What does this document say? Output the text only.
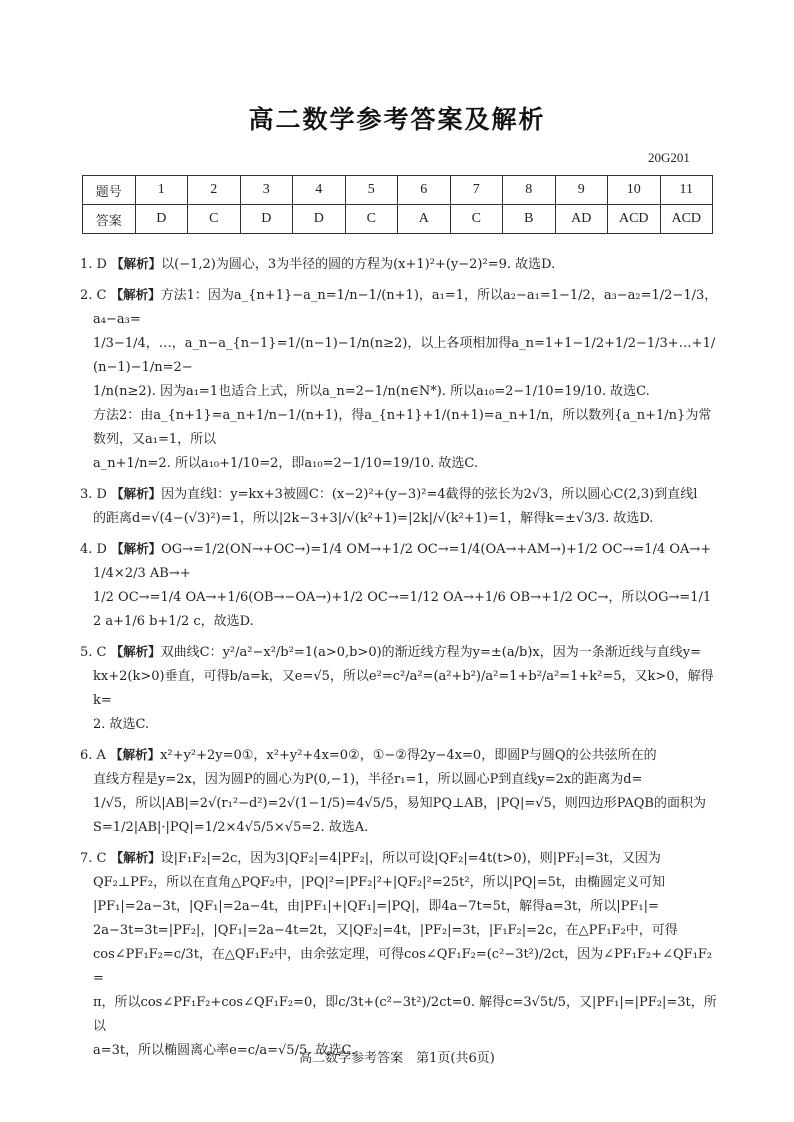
高二数学参考答案及解析
20G201
题号	1	2	3	4	5	6	7	8	9	10	11
答案	D	C	D	D	C	A	C	B	AD	ACD	ACD

1. D 【解析】以(−1,2)为圆心，3为半径的圆的方程为(x+1)²+(y−2)²=9. 故选D.

2. C 【解析】方法1：因为a_{n+1}−a_n=1/n−1/(n+1)，a₁=1，所以a₂−a₁=1−1/2，a₃−a₂=1/2−1/3，a₄−a₃=

1/3−1/4，…，a_n−a_{n−1}=1/(n−1)−1/n(n≥2)，以上各项相加得a_n=1+1−1/2+1/2−1/3+…+1/(n−1)−1/n=2−

1/n(n≥2). 因为a₁=1也适合上式，所以a_n=2−1/n(n∈N*). 所以a₁₀=2−1/10=19/10. 故选C.

方法2：由a_{n+1}=a_n+1/n−1/(n+1)，得a_{n+1}+1/(n+1)=a_n+1/n，所以数列{a_n+1/n}为常数列，又a₁=1，所以

a_n+1/n=2. 所以a₁₀+1/10=2，即a₁₀=2−1/10=19/10. 故选C.

3. D 【解析】因为直线l：y=kx+3被圆C：(x−2)²+(y−3)²=4截得的弦长为2√3，所以圆心C(2,3)到直线l

的距离d=√(4−(√3)²)=1，所以|2k−3+3|/√(k²+1)=|2k|/√(k²+1)=1，解得k=±√3/3. 故选D.

4. D 【解析】OG→=1/2(ON→+OC→)=1/4 OM→+1/2 OC→=1/4(OA→+AM→)+1/2 OC→=1/4 OA→+1/4×2/3 AB→+

1/2 OC→=1/4 OA→+1/6(OB→−OA→)+1/2 OC→=1/12 OA→+1/6 OB→+1/2 OC→，所以OG→=1/12 a+1/6 b+1/2 c，故选D.

5. C 【解析】双曲线C：y²/a²−x²/b²=1(a>0,b>0)的渐近线方程为y=±(a/b)x，因为一条渐近线与直线y=

kx+2(k>0)垂直，可得b/a=k，又e=√5，所以e²=c²/a²=(a²+b²)/a²=1+b²/a²=1+k²=5，又k>0，解得k=

2. 故选C.

6. A 【解析】x²+y²+2y=0①，x²+y²+4x=0②，①−②得2y−4x=0，即圆P与圆Q的公共弦所在的

直线方程是y=2x，因为圆P的圆心为P(0,−1)，半径r₁=1，所以圆心P到直线y=2x的距离为d=

1/√5，所以|AB|=2√(r₁²−d²)=2√(1−1/5)=4√5/5，易知PQ⊥AB，|PQ|=√5，则四边形PAQB的面积为

S=1/2|AB|·|PQ|=1/2×4√5/5×√5=2. 故选A.

7. C 【解析】设|F₁F₂|=2c，因为3|QF₂|=4|PF₂|，所以可设|QF₂|=4t(t>0)，则|PF₂|=3t，又因为

QF₂⊥PF₂，所以在直角△PQF₂中，|PQ|²=|PF₂|²+|QF₂|²=25t²，所以|PQ|=5t，由椭圆定义可知

|PF₁|=2a−3t，|QF₁|=2a−4t，由|PF₁|+|QF₁|=|PQ|，即4a−7t=5t，解得a=3t，所以|PF₁|=

2a−3t=3t=|PF₂|，|QF₁|=2a−4t=2t，又|QF₂|=4t，|PF₂|=3t，|F₁F₂|=2c，在△PF₁F₂中，可得

cos∠PF₁F₂=c/3t，在△QF₁F₂中，由余弦定理，可得cos∠QF₁F₂=(c²−3t²)/2ct，因为∠PF₁F₂+∠QF₁F₂=

π，所以cos∠PF₁F₂+cos∠QF₁F₂=0，即c/3t+(c²−3t²)/2ct=0. 解得c=3√5t/5，又|PF₁|=|PF₂|=3t，所以

a=3t，所以椭圆离心率e=c/a=√5/5. 故选C.

高二数学参考答案　第1页(共6页)
